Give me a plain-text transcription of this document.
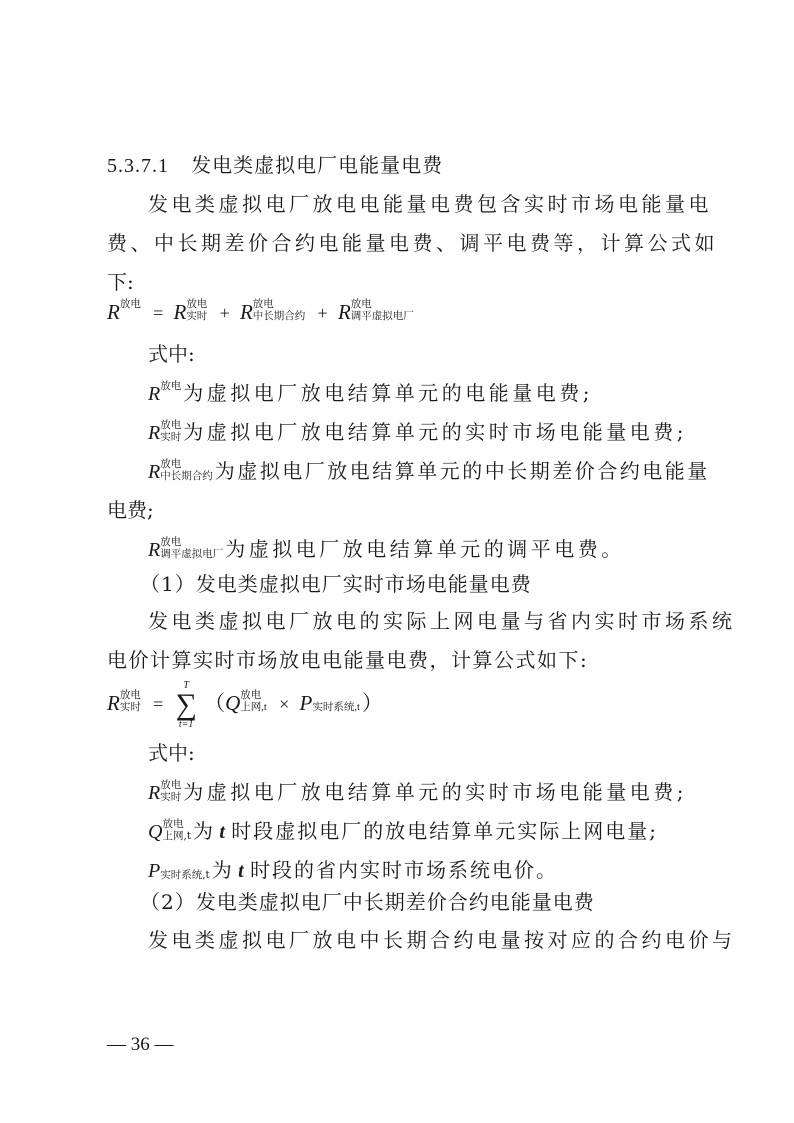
5.3.7.1 发电类虚拟电厂电能量电费
发电类虚拟电厂放电电能量电费包含实时市场电能量电
费、中长期差价合约电能量电费、调平电费等，计算公式如
下:
R 放电
= R 放电
实时 + R 放电
中长期合约 + R 放电
调平虚拟电厂
式中:
R 放电
为虚拟电厂放电结算单元的电能量电费;
R 放电
实时 为虚拟电厂放电结算单元的实时市场电能量电费;
R 放电
中长期合约 为虚拟电厂放电结算单元的中长期差价合约电能量
电费;
R 放电
调平虚拟电厂 为虚拟电厂放电结算单元的调平电费。
（1）发电类虚拟电厂实时市场电能量电费
发电类虚拟电厂放电的实际上网电量与省内实时市场系统
电价计算实时市场放电电能量电费，计算公式如下:
R 放电
实时 =
T
∑
t=1
（Q 放电
上网,t × P
实时系统,t ）
式中:
R 放电
实时 为虚拟电厂放电结算单元的实时市场电能量电费;
Q 放电
上网,t 为 t 时段虚拟电厂的放电结算单元实际上网电量;
P
实时系统,t 为 t 时段的省内实时市场系统电价。
（2）发电类虚拟电厂中长期差价合约电能量电费
发电类虚拟电厂放电中长期合约电量按对应的合约电价与
— 36 —
